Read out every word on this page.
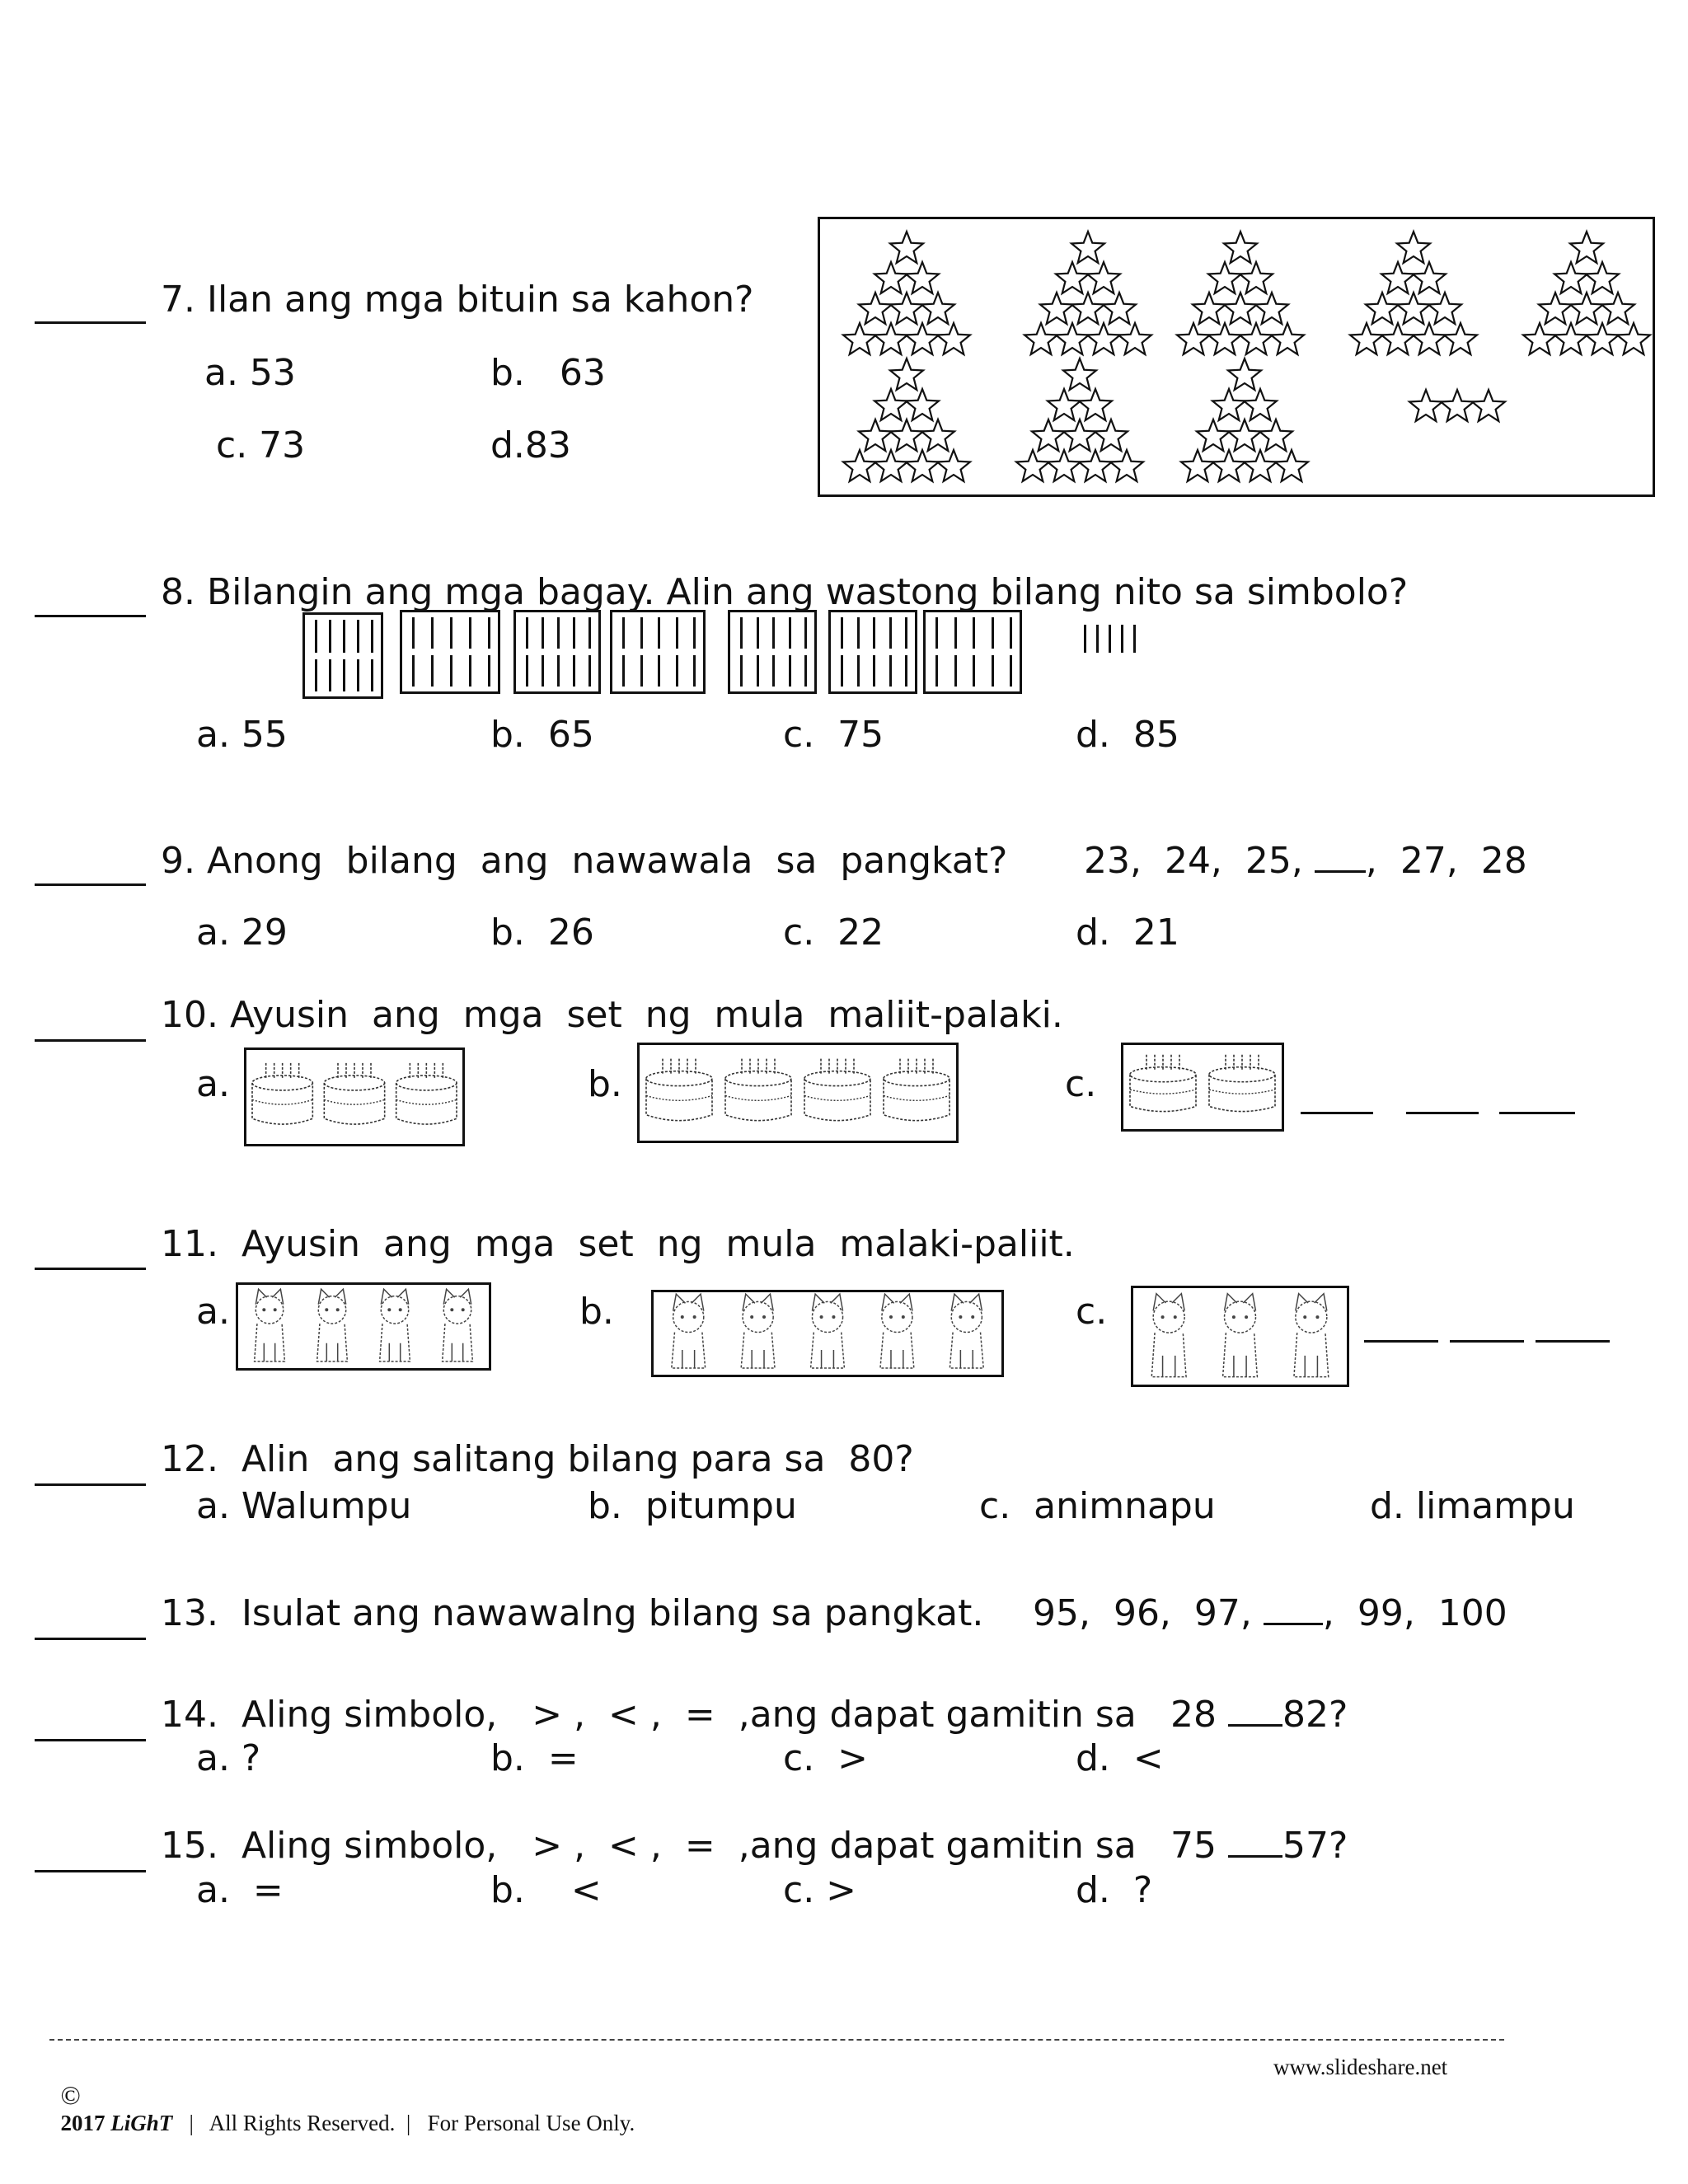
7. Ilan ang mga bituin sa kahon?
a. 53	b.   63
c. 73	d.83
8. Bilangin ang mga bagay. Alin ang wastong bilang nito sa simbolo?
a. 55	b.  65	c.  75	d.  85
9. Anong  bilang  ang  nawawala  sa  pangkat? 23,  24,  25, ,  27,  28
a. 29	b.  26	c.  22	d.  21
10. Ayusin  ang  mga  set  ng  mula  maliit-palaki.
a.	b.	c.
11.  Ayusin  ang  mga  set  ng  mula  malaki-paliit.
a.	b.	c.
12.  Alin  ang salitang bilang para sa  80?
a. Walumpu	b.  pitumpu	c.  animnapu	d. limampu
13.  Isulat ang nawawalng bilang sa pangkat. 95,  96,  97, ,  99,  100
14.  Aling simbolo,   > ,  < ,  =  ,ang dapat gamitin sa 28 82?
a. ?	b.  =	c.  >	d.  <
15.  Aling simbolo,   > ,  < ,  =  ,ang dapat gamitin sa 75 57?
a.  =	b.    <	c. >	d.  ?

©
2017 LiGhT |   All Rights Reserved.  |   For Personal Use Only.

www.slideshare.net
